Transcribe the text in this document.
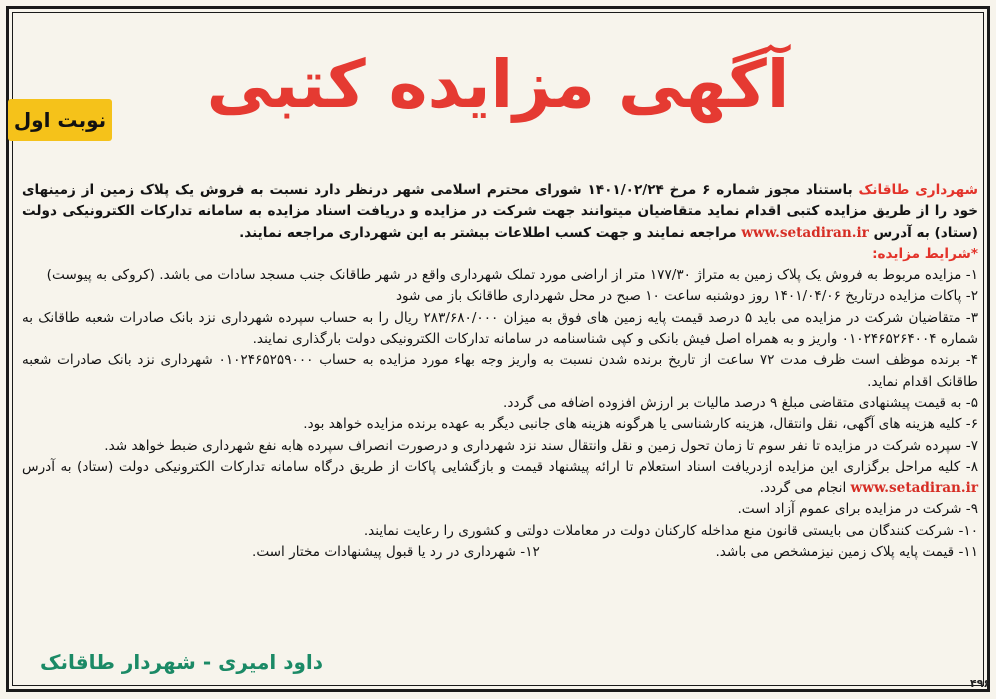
آگهی مزایده کتبی
نوبت اول

شهرداری طاقانک باستناد مجوز شماره ۶ مرخ ۱۴۰۱/۰۲/۲۴ شورای محترم اسلامی شهر درنظر دارد نسبت به فروش یک پلاک زمین از زمینهای خود را از طریق مزایده کتبی اقدام نماید متقاضیان میتوانند جهت شرکت در مزایده و دریافت اسناد مزایده به سامانه تدارکات الکترونیکی دولت (ستاد) به آدرس www.setadiran.ir مراجعه نمایند و جهت کسب اطلاعات بیشتر به این شهرداری مراجعه نمایند.

*شرایط مزایده:

۱- مزایده مربوط به فروش یک پلاک زمین به متراژ ۱۷۷/۳۰ متر از اراضی مورد تملک شهرداری واقع در شهر طاقانک جنب مسجد سادات می باشد. (کروکی به پیوست)

۲- پاکات مزایده درتاریخ ۱۴۰۱/۰۴/۰۶ روز دوشنبه ساعت ۱۰ صبح در محل شهرداری طاقانک باز می شود

۳- متقاضیان شرکت در مزایده می باید ۵ درصد قیمت پایه زمین های فوق به میزان ۲۸۳/۶۸۰/۰۰۰ ریال را به حساب سپرده شهرداری نزد بانک صادرات شعبه طاقانک به شماره ۰۱۰۲۴۶۵۲۶۴۰۰۴ واریز و به همراه اصل فیش بانکی و کپی شناسنامه در سامانه تدارکات الکترونیکی دولت بارگذاری نمایند.

۴- برنده موظف است ظرف مدت ۷۲ ساعت از تاریخ برنده شدن نسبت به واریز وجه بهاء مورد مزایده به حساب ۰۱۰۲۴۶۵۲۵۹۰۰۰ شهرداری نزد بانک صادرات شعبه طاقانک اقدام نماید.

۵- به قیمت پیشنهادی متقاضی مبلغ ۹ درصد مالیات بر ارزش افزوده اضافه می گردد.

۶- کلیه هزینه های آگهی، نقل وانتقال، هزینه کارشناسی یا هرگونه هزینه های جانبی دیگر به عهده برنده مزایده خواهد بود.

۷- سپرده شرکت در مزایده تا نفر سوم تا زمان تحول زمین و نقل وانتقال سند نزد شهرداری و درصورت انصراف سپرده هابه نفع شهرداری ضبط خواهد شد.

۸- کلیه مراحل برگزاری این مزایده ازدریافت اسناد استعلام تا ارائه پیشنهاد قیمت و بازگشایی پاکات از طریق درگاه سامانه تدارکات الکترونیکی دولت (ستاد) به آدرس www.setadiran.ir انجام می گردد.

۹- شرکت در مزایده برای عموم آزاد است.

۱۰- شرکت کنندگان می بایستی قانون منع مداخله کارکنان دولت در معاملات دولتی و کشوری را رعایت نمایند.

۱۱- قیمت پایه پلاک زمین نیزمشخص می باشد.
۱۲- شهرداری در رد یا قبول پیشنهادات مختار است.
داود امیری - شهردار طاقانک
۴۹۶
